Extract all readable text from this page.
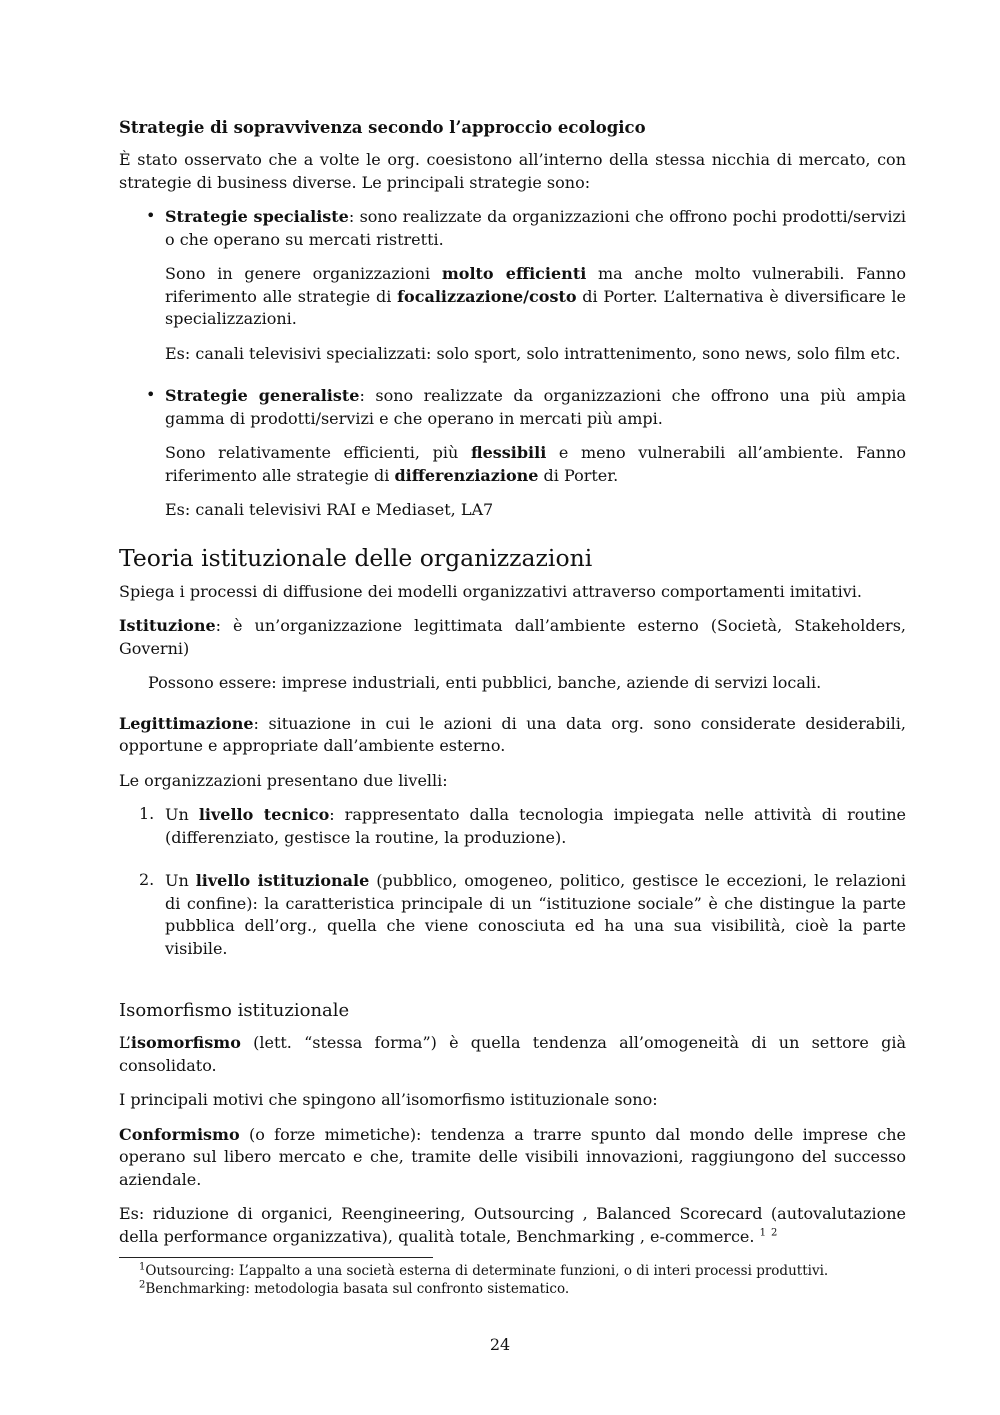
Strategie di sopravvivenza secondo l’approccio ecologico

È stato osservato che a volte le org. coesistono all’interno della stessa nicchia di mercato, con strategie di business diverse. Le principali strategie sono:

• Strategie specialiste: sono realizzate da organizzazioni che offrono pochi prodotti/servizi o che operano su mercati ristretti.

Sono in genere organizzazioni molto efficienti ma anche molto vulnerabili. Fanno riferimento alle strategie di focalizzazione/costo di Porter. L’alternativa è diversificare le specializzazioni.

Es: canali televisivi specializzati: solo sport, solo intrattenimento, sono news, solo film etc.

• Strategie generaliste: sono realizzate da organizzazioni che offrono una più ampia gamma di prodotti/servizi e che operano in mercati più ampi.

Sono relativamente efficienti, più flessibili e meno vulnerabili all’ambiente. Fanno riferimento alle strategie di differenziazione di Porter.

Es: canali televisivi RAI e Mediaset, LA7

Teoria istituzionale delle organizzazioni

Spiega i processi di diffusione dei modelli organizzativi attraverso comportamenti imitativi.

Istituzione: è un’organizzazione legittimata dall’ambiente esterno (Società, Stakeholders, Governi)

Possono essere: imprese industriali, enti pubblici, banche, aziende di servizi locali.

Legittimazione: situazione in cui le azioni di una data org. sono considerate desiderabili, opportune e appropriate dall’ambiente esterno.

Le organizzazioni presentano due livelli:

1. Un livello tecnico: rappresentato dalla tecnologia impiegata nelle attività di routine (differenziato, gestisce la routine, la produzione).

2. Un livello istituzionale (pubblico, omogeneo, politico, gestisce le eccezioni, le relazioni di confine): la caratteristica principale di un “istituzione sociale” è che distingue la parte pubblica dell’org., quella che viene conosciuta ed ha una sua visibilità, cioè la parte visibile.

Isomorfismo istituzionale

L’isomorfismo (lett. “stessa forma”) è quella tendenza all’omogeneità di un settore già consolidato.

I principali motivi che spingono all’isomorfismo istituzionale sono:

Conformismo (o forze mimetiche): tendenza a trarre spunto dal mondo delle imprese che operano sul libero mercato e che, tramite delle visibili innovazioni, raggiungono del successo aziendale.

Es: riduzione di organici, Reengineering, Outsourcing , Balanced Scorecard (autovalutazione della performance organizzativa), qualità totale, Benchmarking , e-commerce. $^1$ $^2$

$^1$Outsourcing: L’appalto a una società esterna di determinate funzioni, o di interi processi produttivi.

$^2$Benchmarking: metodologia basata sul confronto sistematico.

24
